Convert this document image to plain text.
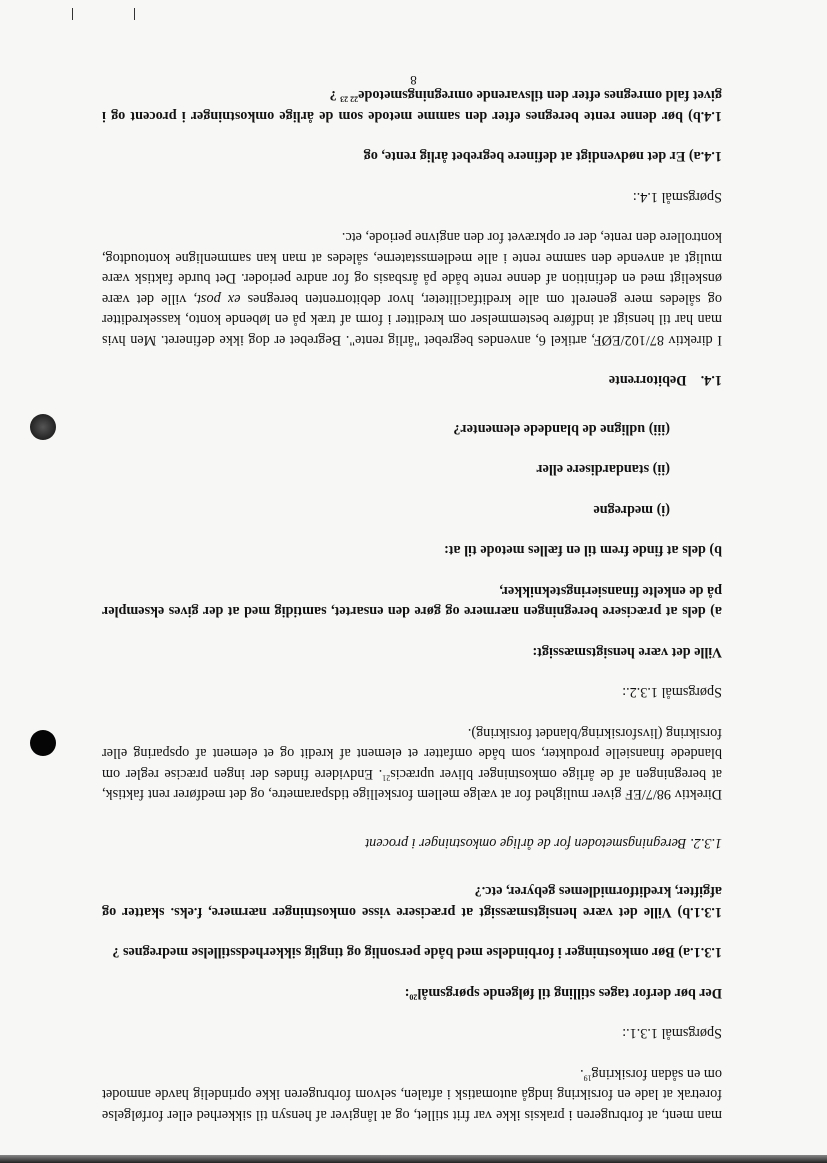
man ment, at forbrugeren i praksis ikke var frit stillet, og at långiver af hensyn til sikkerhed eller forfølgelse foretrak at lade en forsikring indgå automatisk i aftalen, selvom forbrugeren ikke oprindelig havde anmodet om en sådan forsikring$^{19}$.

Spørgsmål 1.3.1.:

Der bør derfor tages stilling til følgende spørgsmål$^{20}$:

1.3.1.a) Bør omkostninger i forbindelse med både personlig og tinglig sikkerhedsstillelse medregnes ?

1.3.1.b) Ville det være hensigtsmæssigt at præcisere visse omkostninger nærmere, f.eks. skatter og afgifter, kreditformidlemes gebyrer, etc.?

1.3.2. Beregningsmetoden for de årlige omkostninger i procent

Direktiv 98/7/EF giver mulighed for at vælge mellem forskellige tidsparametre, og det medfører rent faktisk, at beregningen af de årlige omkostninger bliver upræcis$^{21}$. Endvidere findes der ingen præcise regler om blandede finansielle produkter, som både omfatter et element af kredit og et element af opsparing eller forsikring (livsforsikring/blandet forsikring).

Spørgsmål 1.3.2.:

Ville det være hensigtsmæssigt:

a) dels at præcisere beregningen nærmere og gøre den ensartet, samtidig med at der gives eksempler på de enkelte finansieringsteknikker,

b) dels at finde frem til en fælles metode til at:

(i) medregne

(ii) standardisere eller

(iii) udligne de blandede elementer?

1.4.    Debitorrente

I direktiv 87/102/EØF, artikel 6, anvendes begrebet "årlig rente". Begrebet er dog ikke defineret. Men hvis man har til hensigt at indføre bestemmelser om kreditter i form af træk på en løbende konto, kassekreditter og således mere generelt om alle kreditfaciliteter, hvor debitorrenten beregnes ex post, ville det være ønskeligt med en definition af denne rente både på årsbasis og for andre perioder. Det burde faktisk være muligt at anvende den samme rente i alle medlemsstaterne, således at man kan sammenligne kontoudtog, kontrollere den rente, der er opkrævet for den angivne periode, etc.

Spørgsmål 1.4.:

1.4.a) Er det nødvendigt at definere begrebet årlig rente, og

1.4.b) bør denne rente beregnes efter den samme metode som de årlige omkostninger i procent og i givet fald omregnes efter den tilsvarende omregningsmetode$^{22 23}$ ?

8
